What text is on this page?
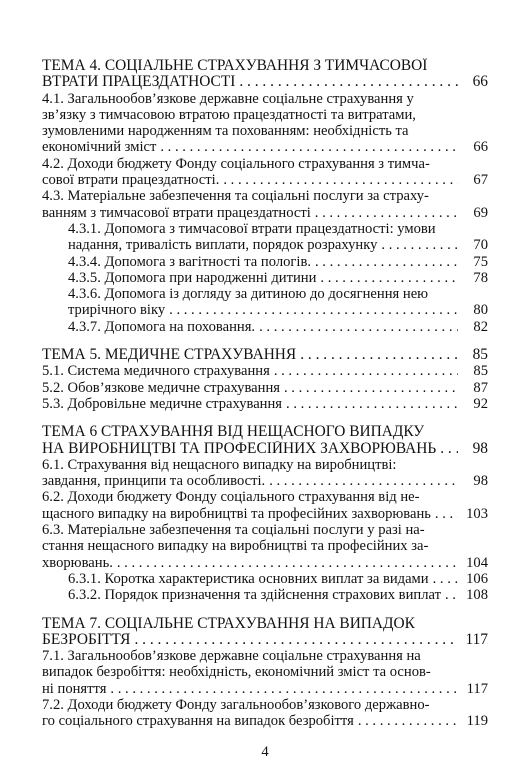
ТЕМА 4. СОЦІАЛЬНЕ СТРАХУВАННЯ З ТИМЧАСОВОЇ
ВТРАТИ ПРАЦЕЗДАТНОСТІ . . .	66
4.1. Загальнообов’язкове державне соціальне страхування у
зв’язку з тимчасовою втратою працездатності та витратами,
зумовленими народженням та похованням: необхідність та
економічний зміст . . .	66
4.2. Доходи бюджету Фонду соціального страхування з тимча-
сової втрати працездатності. . . .	67
4.3. Матеріальне забезпечення та соціальні послуги за страху-
ванням з тимчасової втрати працездатності . . .	69
4.3.1. Допомога з тимчасової втрати працездатності: умови
надання, тривалість виплати, порядок розрахунку . . .	70
4.3.4. Допомога з вагітності та пологів. . . .	75
4.3.5. Допомога при народженні дитини . . .	78
4.3.6. Допомога із догляду за дитиною до досягнення нею
трирічного віку . . .	80
4.3.7. Допомога на поховання. . . .	82
ТЕМА 5. МЕДИЧНЕ СТРАХУВАННЯ . . .	85
5.1. Система медичного страхування . . .	85
5.2. Обов’язкове медичне страхування . . .	87
5.3. Добровільне медичне страхування . . .	92
ТЕМА 6 СТРАХУВАННЯ ВІД НЕЩАСНОГО ВИПАДКУ
НА ВИРОБНИЦТВІ ТА ПРОФЕСІЙНИХ ЗАХВОРЮВАНЬ . . .	98
6.1. Страхування від нещасного випадку на виробництві:
завдання, принципи та особливості. . . .	98
6.2. Доходи бюджету Фонду соціального страхування від не-
щасного випадку на виробництві та професійних захворювань . . . 103
6.3. Матеріальне забезпечення та соціальні послуги у разі на-
стання нещасного випадку на виробництві та професійних за-
хворювань. . . .	104
6.3.1. Коротка характеристика основних виплат за видами . . .	106
6.3.2. Порядок призначення та здійснення страхових виплат . . . 108
ТЕМА 7. СОЦІАЛЬНЕ СТРАХУВАННЯ НА ВИПАДОК
БЕЗРОБІТТЯ . . .	117
7.1. Загальнообов’язкове державне соціальне страхування на
випадок безробіття: необхідність, економічний зміст та основ-
ні поняття . . .	117
7.2. Доходи бюджету Фонду загальнообов’язкового державно-
го соціального страхування на випадок безробіття . . .	119
4
